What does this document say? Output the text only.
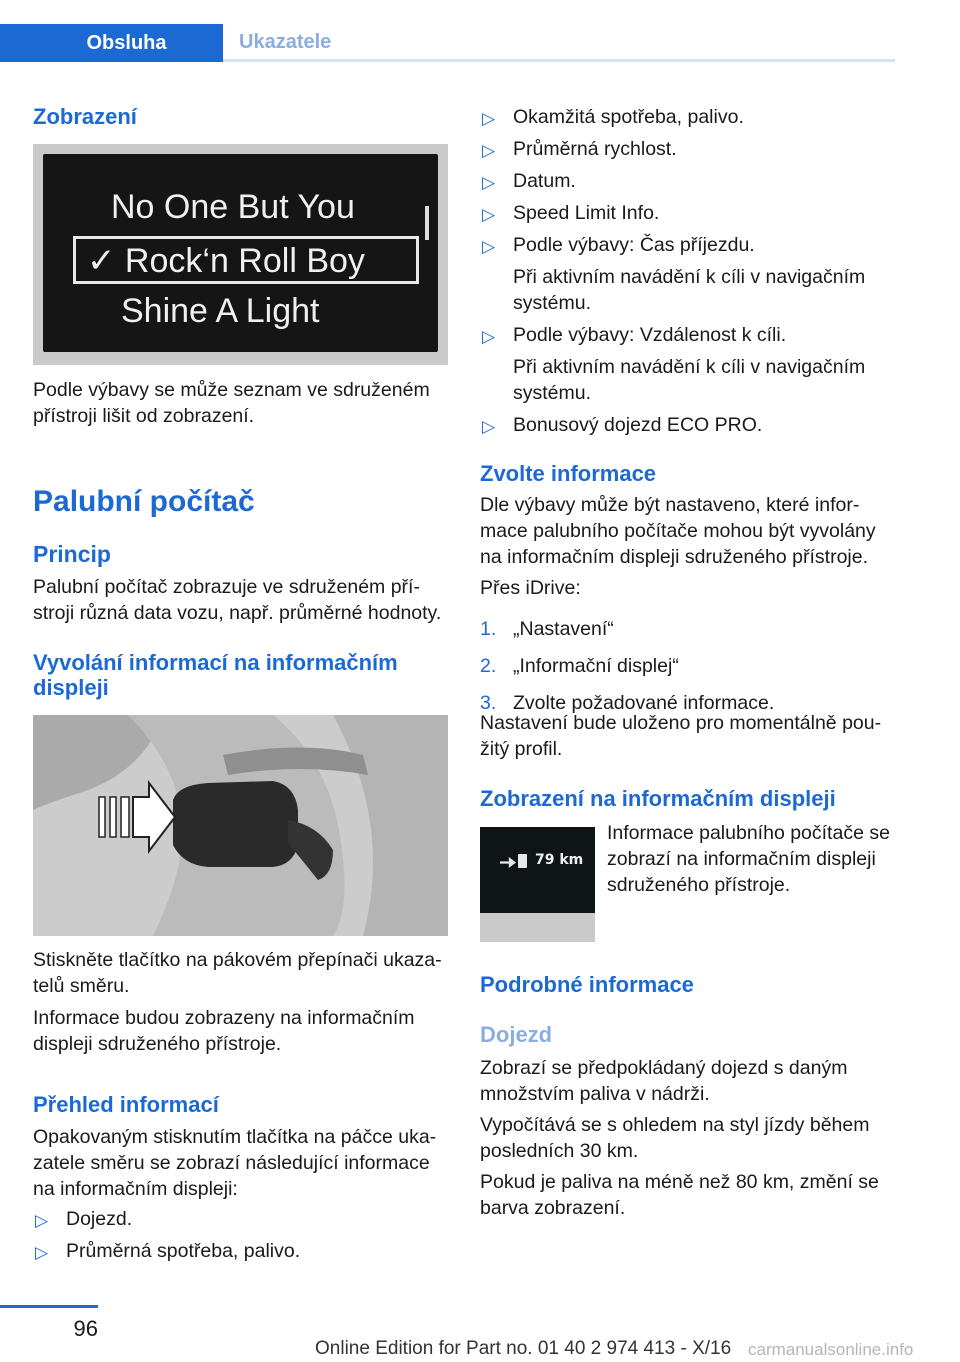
Obsluha	Ukazatele
Zobrazení
No One But You
✓ Rock‘n Roll Boy
Shine A Light

Podle výbavy se může seznam ve sdruženém přístroji lišit od zobrazení.

Palubní počítač
Princip

Palubní počítač zobrazuje ve sdruženém pří-stroji různá data vozu, např. průměrné hodnoty.

Vyvolání informací na informačním displeji

Stiskněte tlačítko na pákovém přepínači ukaza-telů směru.

Informace budou zobrazeny na informačním displeji sdruženého přístroje.

Přehled informací

Opakovaným stisknutím tlačítka na páčce uka-zatele směru se zobrazí následující informace na informačním displeji:

▷ Dojezd.
▷ Průměrná spotřeba, palivo.
▷ Okamžitá spotřeba, palivo.
▷ Průměrná rychlost.
▷ Datum.
▷ Speed Limit Info.
▷ Podle výbavy: Čas příjezdu.
Při aktivním navádění k cíli v navigačním systému.
▷ Podle výbavy: Vzdálenost k cíli.
Při aktivním navádění k cíli v navigačním systému.
▷ Bonusový dojezd ECO PRO.
Zvolte informace

Dle výbavy může být nastaveno, které infor-mace palubního počítače mohou být vyvolány na informačním displeji sdruženého přístroje.

Přes iDrive:

1. „Nastavení“
2. „Informační displej“
3. Zvolte požadované informace.

Nastavení bude uloženo pro momentálně pou-žitý profil.

Zobrazení na informačním displeji
79 km

Informace palubního počítače se zobrazí na informačním displeji sdruženého přístroje.

Podrobné informace
Dojezd

Zobrazí se předpokládaný dojezd s daným množstvím paliva v nádrži.

Vypočítává se s ohledem na styl jízdy během posledních 30 km.

Pokud je paliva na méně než 80 km, změní se barva zobrazení.

96
Online Edition for Part no. 01 40 2 974 413 - X/16 carmanualsonline.info
